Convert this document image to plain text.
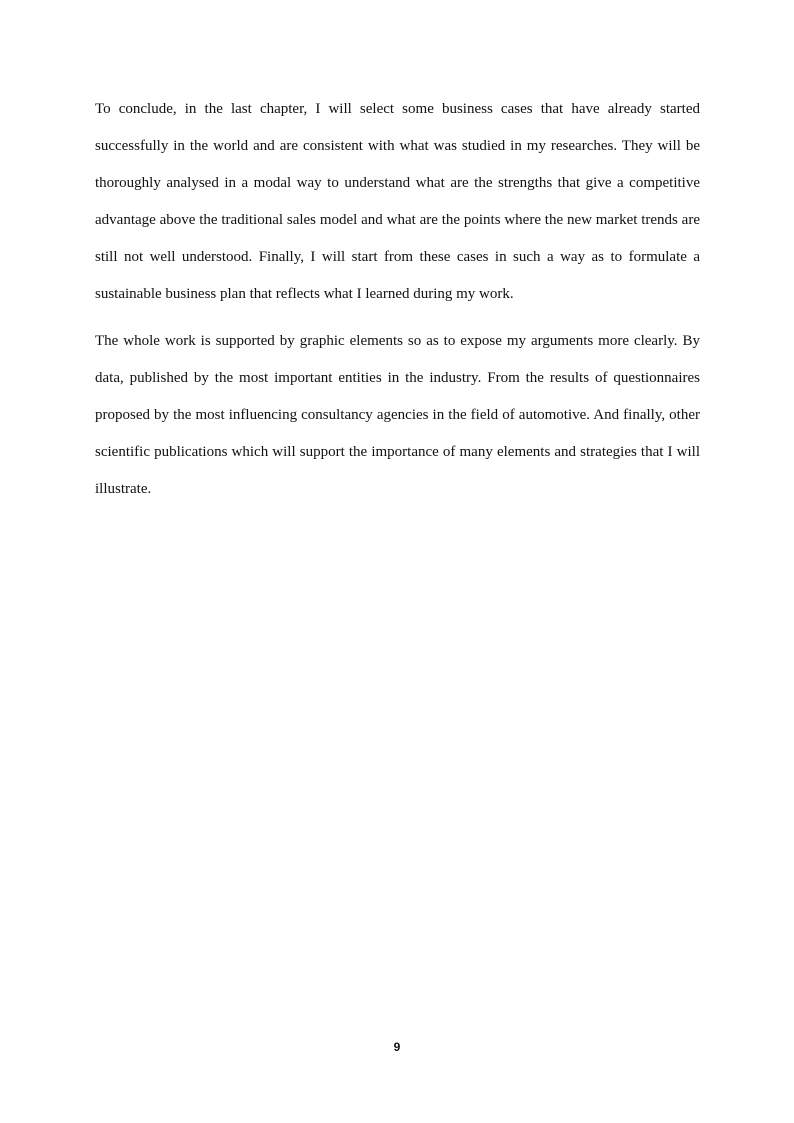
To conclude, in the last chapter, I will select some business cases that have already started successfully in the world and are consistent with what was studied in my researches. They will be thoroughly analysed in a modal way to understand what are the strengths that give a competitive advantage above the traditional sales model and what are the points where the new market trends are still not well understood. Finally, I will start from these cases in such a way as to formulate a sustainable business plan that reflects what I learned during my work.

The whole work is supported by graphic elements so as to expose my arguments more clearly. By data, published by the most important entities in the industry. From the results of questionnaires proposed by the most influencing consultancy agencies in the field of automotive. And finally, other scientific publications which will support the importance of many elements and strategies that I will illustrate.

9
